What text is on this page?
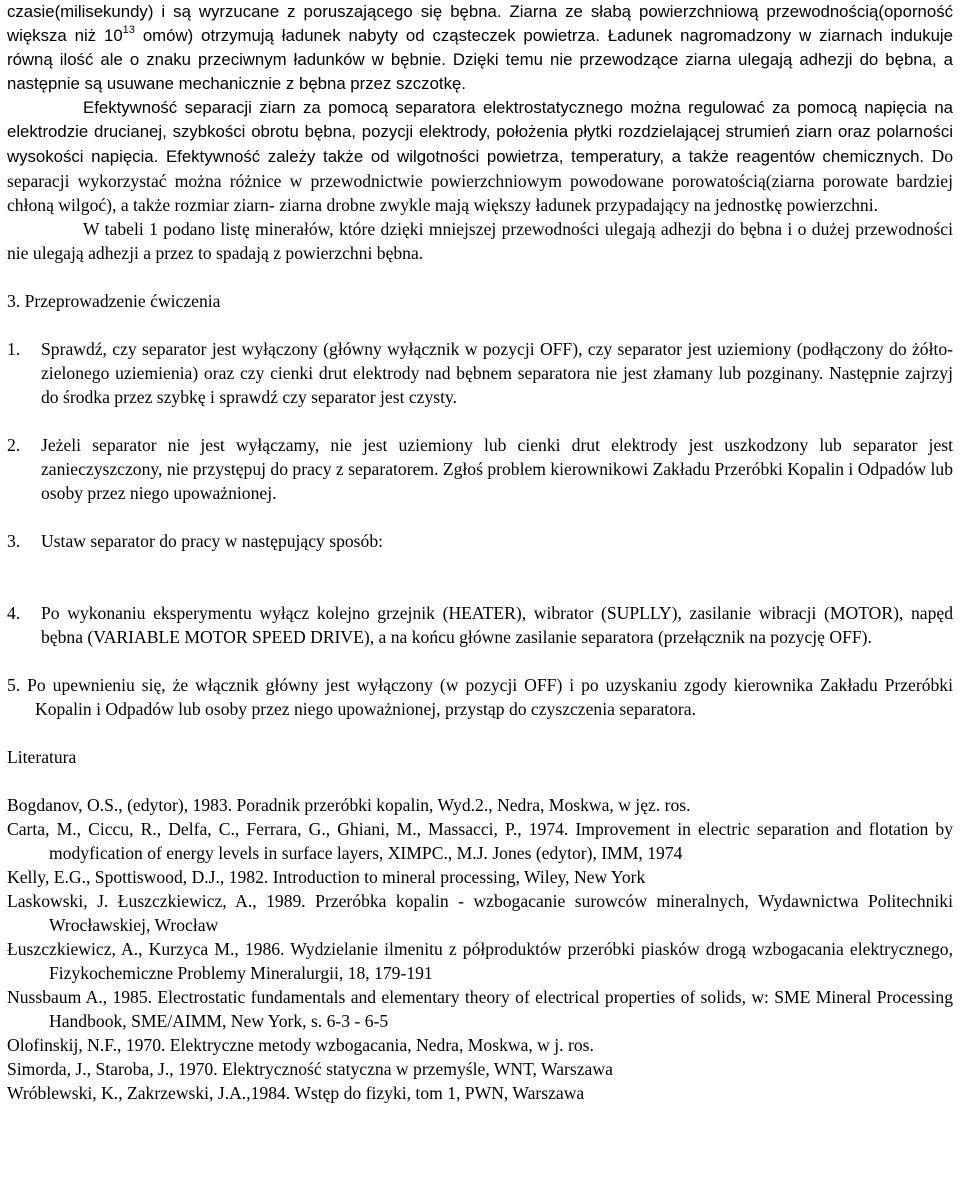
czasie(milisekundy) i są wyrzucane z poruszającego się bębna. Ziarna ze słabą powierzchniową przewodnością(oporność większa niż $10^{13}$ omów) otrzymują ładunek nabyty od cząsteczek powietrza. Ładunek nagromadzony w ziarnach indukuje równą ilość ale o znaku przeciwnym ładunków w bębnie. Dzięki temu nie przewodzące ziarna ulegają adhezji do bębna, a następnie są usuwane mechanicznie z bębna przez szczotkę.

Efektywność separacji ziarn za pomocą separatora elektrostatycznego można regulować za pomocą napięcia na elektrodzie drucianej, szybkości obrotu bębna, pozycji elektrody, położenia płytki rozdzielającej strumień ziarn oraz polarności wysokości napięcia. Efektywność zależy także od wilgotności powietrza, temperatury, a także reagentów chemicznych. Do separacji wykorzystać można różnice w przewodnictwie powierzchniowym powodowane porowatością(ziarna porowate bardziej chłoną wilgoć), a także rozmiar ziarn- ziarna drobne zwykle mają większy ładunek przypadający na jednostkę powierzchni.

W tabeli 1 podano listę minerałów, które dzięki mniejszej przewodności ulegają adhezji do bębna i o dużej przewodności nie ulegają adhezji a przez to spadają z powierzchni bębna.

3. Przeprowadzenie ćwiczenia

1.	Sprawdź, czy separator jest wyłączony (główny wyłącznik w pozycji OFF), czy separator jest uziemiony (podłączony do żółto-zielonego uziemienia) oraz czy cienki drut elektrody nad bębnem separatora nie jest złamany lub pozginany. Następnie zajrzyj do środka przez szybkę i sprawdź czy separator jest czysty.
2.	Jeżeli separator nie jest wyłączamy, nie jest uziemiony lub cienki drut elektrody jest uszkodzony lub separator jest zanieczyszczony, nie przystępuj do pracy z separatorem. Zgłoś problem kierownikowi Zakładu Przeróbki Kopalin i Odpadów lub osoby przez niego upoważnionej.
3.	Ustaw separator do pracy w następujący sposób:
4.	Po wykonaniu eksperymentu wyłącz kolejno grzejnik (HEATER), wibrator (SUPLLY), zasilanie wibracji (MOTOR), napęd bębna (VARIABLE MOTOR SPEED DRIVE), a na końcu główne zasilanie separatora (przełącznik na pozycję OFF).

5. Po upewnieniu się, że włącznik główny jest wyłączony (w pozycji OFF) i po uzyskaniu zgody kierownika Zakładu Przeróbki Kopalin i Odpadów lub osoby przez niego upoważnionej, przystąp do czyszczenia separatora.

Literatura

Bogdanov, O.S., (edytor), 1983. Poradnik przeróbki kopalin, Wyd.2., Nedra, Moskwa, w jęz. ros.

Carta, M., Ciccu, R., Delfa, C., Ferrara, G., Ghiani, M., Massacci, P., 1974. Improvement in electric separation and flotation by modyfication of energy levels in surface layers, XIMPC., M.J. Jones (edytor), IMM, 1974

Kelly, E.G., Spottiswood, D.J., 1982. Introduction to mineral processing, Wiley, New York

Laskowski, J. Łuszczkiewicz, A., 1989. Przeróbka kopalin - wzbogacanie surowców mineralnych, Wydawnictwa Politechniki Wrocławskiej, Wrocław

Łuszczkiewicz, A., Kurzyca M., 1986. Wydzielanie ilmenitu z półproduktów przeróbki piasków drogą wzbogacania elektrycznego, Fizykochemiczne Problemy Mineralurgii, 18, 179-191

Nussbaum A., 1985. Electrostatic fundamentals and elementary theory of electrical properties of solids, w: SME Mineral Processing Handbook, SME/AIMM, New York, s. 6-3 - 6-5

Olofinskij, N.F., 1970. Elektryczne metody wzbogacania, Nedra, Moskwa, w j. ros.

Simorda, J., Staroba, J., 1970. Elektryczność statyczna w przemyśle, WNT, Warszawa

Wróblewski, K., Zakrzewski, J.A.,1984. Wstęp do fizyki, tom 1, PWN, Warszawa
